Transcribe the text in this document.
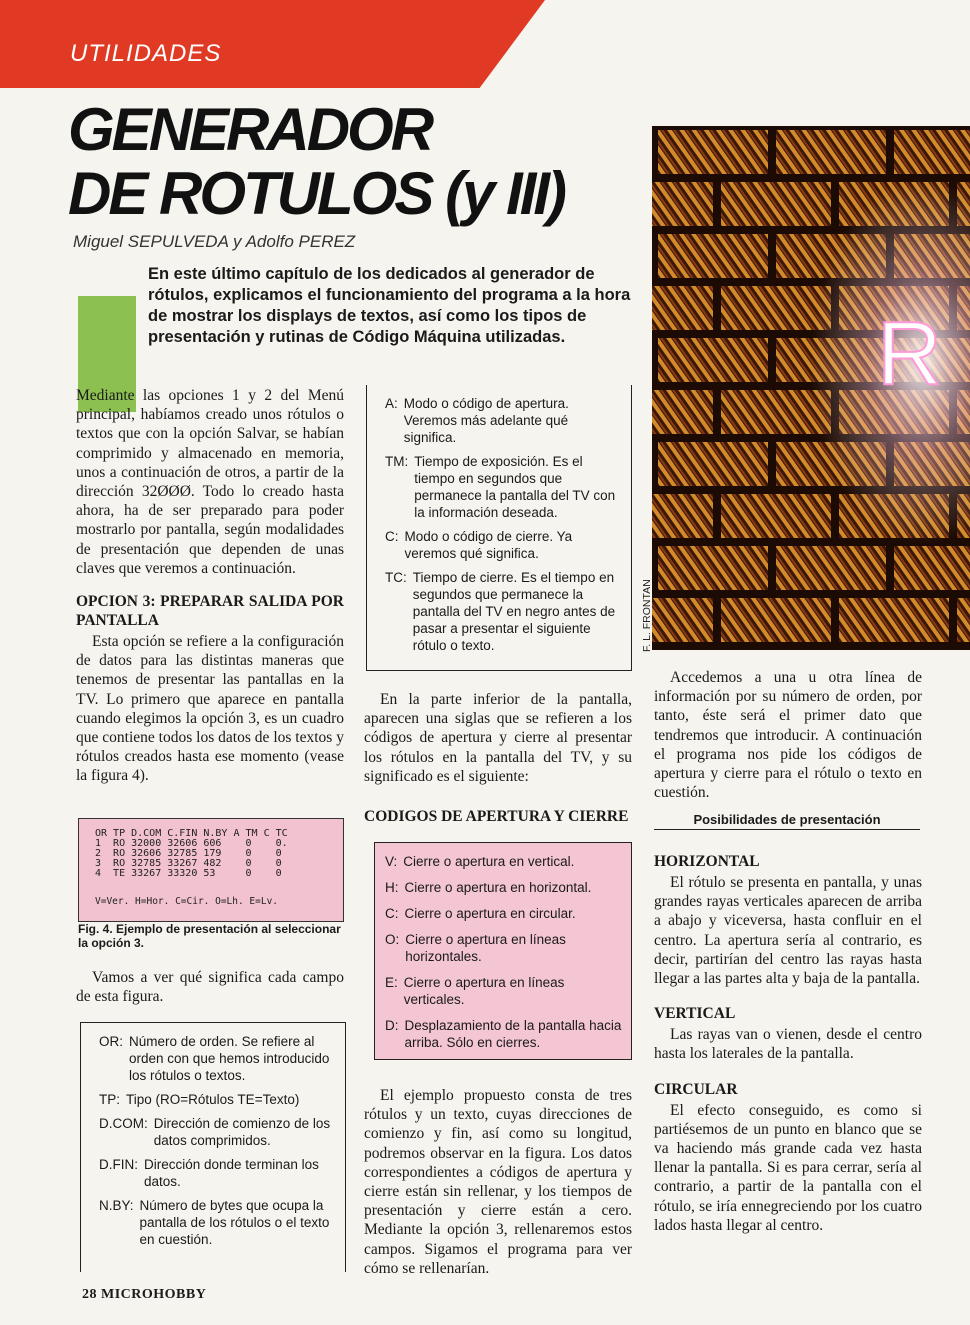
UTILIDADES
GENERADOR
DE ROTULOS (y III)
Miguel SEPULVEDA y Adolfo PEREZ
En este último capítulo de los dedicados al generador de rótulos, explicamos el funcionamiento del programa a la hora de mostrar los displays de textos, así como los tipos de presentación y rutinas de Código Máquina utilizadas.

Mediante las opciones 1 y 2 del Menú principal, habíamos creado unos rótulos o textos que con la opción Salvar, se habían comprimido y almacenado en memoria, unos a continuación de otros, a partir de la dirección 32ØØØ. Todo lo creado hasta ahora, ha de ser preparado para poder mostrarlo por pantalla, según modalidades de presentación que dependen de unas claves que veremos a continuación.

OPCION 3: PREPARAR SALIDA POR PANTALLA

Esta opción se refiere a la configuración de datos para las distintas maneras que tenemos de presentar las pantallas en la TV. Lo primero que aparece en pantalla cuando elegimos la opción 3, es un cuadro que contiene todos los datos de los textos y rótulos creados hasta ese momento (vease la figura 4).

OR TP D.COM C.FIN N.BY A TM C TC
1  RO 32000 32606 606    0    0.
2  RO 32606 32785 179    0    0
3  RO 32785 33267 482    0    0
4  TE 33267 33320 53     0    0
V=Ver. H=Hor. C=Cir. O=Lh. E=Lv.
Fig. 4. Ejemplo de presentación al seleccionar la opción 3.

Vamos a ver qué significa cada campo de esta figura.

OR: Número de orden. Se refiere al orden con que hemos introducido los rótulos o textos.
TP: Tipo (RO=Rótulos TE=Texto)
D.COM: Dirección de comienzo de los datos comprimidos.
D.FIN: Dirección donde terminan los datos.
N.BY: Número de bytes que ocupa la pantalla de los rótulos o el texto en cuestión.
A: Modo o código de apertura. Veremos más adelante qué significa.
TM: Tiempo de exposición. Es el tiempo en segundos que permanece la pantalla del TV con la información deseada.
C: Modo o código de cierre. Ya veremos qué significa.
TC: Tiempo de cierre. Es el tiempo en segundos que permanece la pantalla del TV en negro antes de pasar a presentar el siguiente rótulo o texto.

En la parte inferior de la pantalla, aparecen una siglas que se refieren a los códigos de apertura y cierre al presentar los rótulos en la pantalla del TV, y su significado es el siguiente:

CODIGOS DE APERTURA Y CIERRE
V: Cierre o apertura en vertical.
H: Cierre o apertura en horizontal.
C: Cierre o apertura en circular.
O: Cierre o apertura en líneas horizontales.
E: Cierre o apertura en líneas verticales.
D: Desplazamiento de la pantalla hacia arriba. Sólo en cierres.

El ejemplo propuesto consta de tres rótulos y un texto, cuyas direcciones de comienzo y fin, así como su longitud, podremos observar en la figura. Los datos correspondientes a códigos de apertura y cierre están sin rellenar, y los tiempos de presentación y cierre están a cero. Mediante la opción 3, rellenaremos estos campos. Sigamos el programa para ver cómo se rellenarían.

R
F. L. FRONTAN

Accedemos a una u otra línea de información por su número de orden, por tanto, éste será el primer dato que tendremos que introducir. A continuación el programa nos pide los códigos de apertura y cierre para el rótulo o texto en cuestión.

Posibilidades de presentación
HORIZONTAL

El rótulo se presenta en pantalla, y unas grandes rayas verticales aparecen de arriba a abajo y viceversa, hasta confluir en el centro. La apertura sería al contrario, es decir, partirían del centro las rayas hasta llegar a las partes alta y baja de la pantalla.

VERTICAL

Las rayas van o vienen, desde el centro hasta los laterales de la pantalla.

CIRCULAR

El efecto conseguido, es como si partiésemos de un punto en blanco que se va haciendo más grande cada vez hasta llenar la pantalla. Si es para cerrar, sería al contrario, a partir de la pantalla con el rótulo, se iría ennegreciendo por los cuatro lados hasta llegar al centro.

28 MICROHOBBY
